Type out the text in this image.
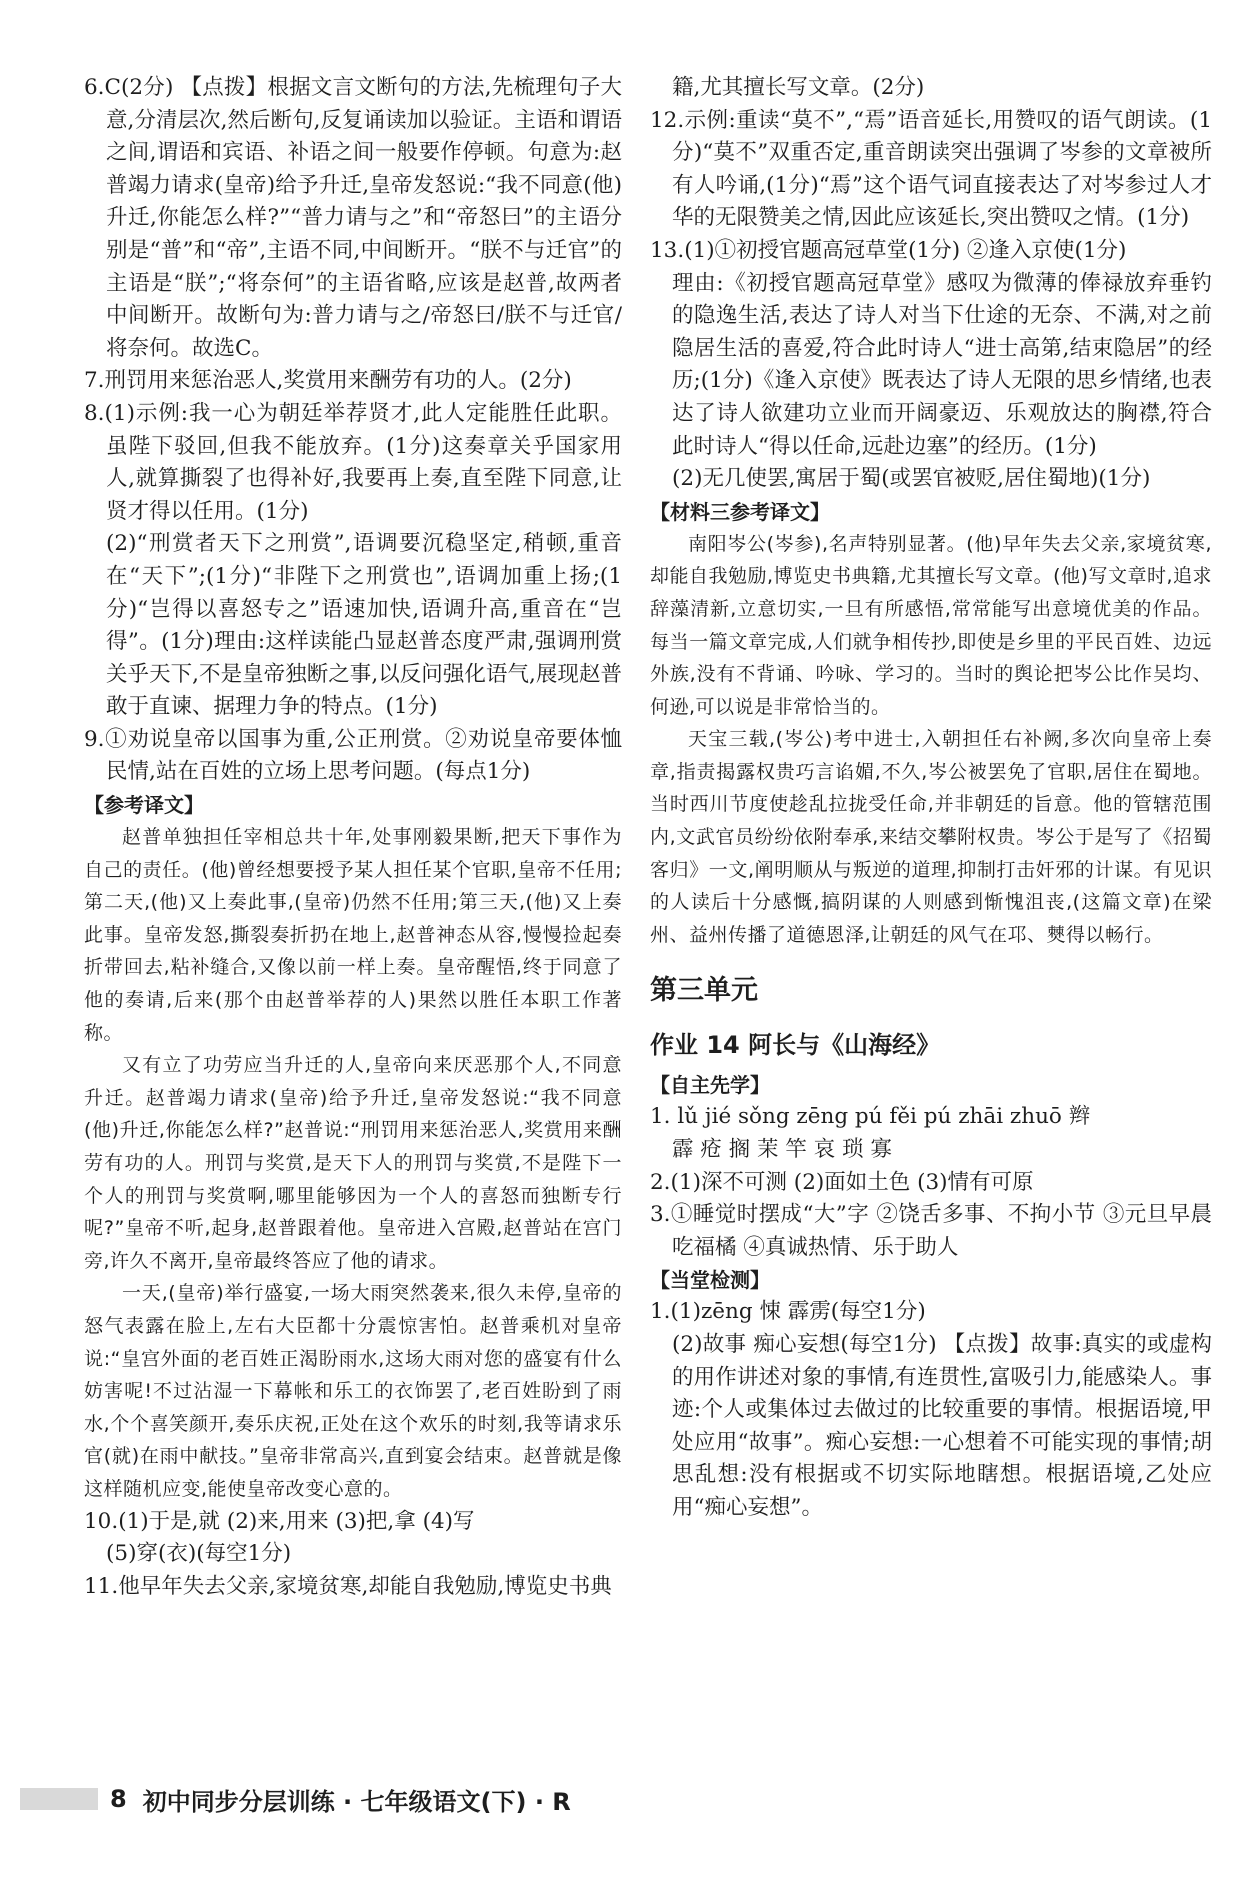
6.C(2分) 【点拨】根据文言文断句的方法,先梳理句子大意,分清层次,然后断句,反复诵读加以验证。主语和谓语之间,谓语和宾语、补语之间一般要作停顿。句意为:赵普竭力请求(皇帝)给予升迁,皇帝发怒说:“我不同意(他)升迁,你能怎么样?”“普力请与之”和“帝怒曰”的主语分别是“普”和“帝”,主语不同,中间断开。“朕不与迁官”的主语是“朕”;“将奈何”的主语省略,应该是赵普,故两者中间断开。故断句为:普力请与之/帝怒曰/朕不与迁官/将奈何。故选C。

7.刑罚用来惩治恶人,奖赏用来酬劳有功的人。(2分)

8.(1)示例:我一心为朝廷举荐贤才,此人定能胜任此职。虽陛下驳回,但我不能放弃。(1分)这奏章关乎国家用人,就算撕裂了也得补好,我要再上奏,直至陛下同意,让贤才得以任用。(1分)

(2)“刑赏者天下之刑赏”,语调要沉稳坚定,稍顿,重音在“天下”;(1分)“非陛下之刑赏也”,语调加重上扬;(1分)“岂得以喜怒专之”语速加快,语调升高,重音在“岂得”。(1分)理由:这样读能凸显赵普态度严肃,强调刑赏关乎天下,不是皇帝独断之事,以反问强化语气,展现赵普敢于直谏、据理力争的特点。(1分)

9.①劝说皇帝以国事为重,公正刑赏。②劝说皇帝要体恤民情,站在百姓的立场上思考问题。(每点1分)

【参考译文】

赵普单独担任宰相总共十年,处事刚毅果断,把天下事作为自己的责任。(他)曾经想要授予某人担任某个官职,皇帝不任用;第二天,(他)又上奏此事,(皇帝)仍然不任用;第三天,(他)又上奏此事。皇帝发怒,撕裂奏折扔在地上,赵普神态从容,慢慢捡起奏折带回去,粘补缝合,又像以前一样上奏。皇帝醒悟,终于同意了他的奏请,后来(那个由赵普举荐的人)果然以胜任本职工作著称。

又有立了功劳应当升迁的人,皇帝向来厌恶那个人,不同意升迁。赵普竭力请求(皇帝)给予升迁,皇帝发怒说:“我不同意(他)升迁,你能怎么样?”赵普说:“刑罚用来惩治恶人,奖赏用来酬劳有功的人。刑罚与奖赏,是天下人的刑罚与奖赏,不是陛下一个人的刑罚与奖赏啊,哪里能够因为一个人的喜怒而独断专行呢?”皇帝不听,起身,赵普跟着他。皇帝进入宫殿,赵普站在宫门旁,许久不离开,皇帝最终答应了他的请求。

一天,(皇帝)举行盛宴,一场大雨突然袭来,很久未停,皇帝的怒气表露在脸上,左右大臣都十分震惊害怕。赵普乘机对皇帝说:“皇宫外面的老百姓正渴盼雨水,这场大雨对您的盛宴有什么妨害呢!不过沾湿一下幕帐和乐工的衣饰罢了,老百姓盼到了雨水,个个喜笑颜开,奏乐庆祝,正处在这个欢乐的时刻,我等请求乐官(就)在雨中献技。”皇帝非常高兴,直到宴会结束。赵普就是像这样随机应变,能使皇帝改变心意的。

10.(1)于是,就 (2)来,用来 (3)把,拿 (4)写

(5)穿(衣)(每空1分)

11.他早年失去父亲,家境贫寒,却能自我勉励,博览史书典

籍,尤其擅长写文章。(2分)

12.示例:重读“莫不”,“焉”语音延长,用赞叹的语气朗读。(1分)“莫不”双重否定,重音朗读突出强调了岑参的文章被所有人吟诵,(1分)“焉”这个语气词直接表达了对岑参过人才华的无限赞美之情,因此应该延长,突出赞叹之情。(1分)

13.(1)①初授官题高冠草堂(1分) ②逢入京使(1分)

理由:《初授官题高冠草堂》感叹为微薄的俸禄放弃垂钓的隐逸生活,表达了诗人对当下仕途的无奈、不满,对之前隐居生活的喜爱,符合此时诗人“进士高第,结束隐居”的经历;(1分)《逢入京使》既表达了诗人无限的思乡情绪,也表达了诗人欲建功立业而开阔豪迈、乐观放达的胸襟,符合此时诗人“得以任命,远赴边塞”的经历。(1分)

(2)无几使罢,寓居于蜀(或罢官被贬,居住蜀地)(1分)

【材料三参考译文】

南阳岑公(岑参),名声特别显著。(他)早年失去父亲,家境贫寒,却能自我勉励,博览史书典籍,尤其擅长写文章。(他)写文章时,追求辞藻清新,立意切实,一旦有所感悟,常常能写出意境优美的作品。每当一篇文章完成,人们就争相传抄,即使是乡里的平民百姓、边远外族,没有不背诵、吟咏、学习的。当时的舆论把岑公比作吴均、何逊,可以说是非常恰当的。

天宝三载,(岑公)考中进士,入朝担任右补阙,多次向皇帝上奏章,指责揭露权贵巧言谄媚,不久,岑公被罢免了官职,居住在蜀地。当时西川节度使趁乱拉拢受任命,并非朝廷的旨意。他的管辖范围内,文武官员纷纷依附奉承,来结交攀附权贵。岑公于是写了《招蜀客归》一文,阐明顺从与叛逆的道理,抑制打击奸邪的计谋。有见识的人读后十分感慨,搞阴谋的人则感到惭愧沮丧,(这篇文章)在梁州、益州传播了道德恩泽,让朝廷的风气在邛、僰得以畅行。

第三单元

作业 14 阿长与《山海经》

【自主先学】

1. lǔ jié sǒng zēng pú fěi pú zhāi zhuō 辫

霹 疮 搁 茉 竿 哀 琐 寡

2.(1)深不可测 (2)面如土色 (3)情有可原

3.①睡觉时摆成“大”字 ②饶舌多事、不拘小节 ③元旦早晨吃福橘 ④真诚热情、乐于助人

【当堂检测】

1.(1)zēng 悚 霹雳(每空1分)

(2)故事 痴心妄想(每空1分) 【点拨】故事:真实的或虚构的用作讲述对象的事情,有连贯性,富吸引力,能感染人。事迹:个人或集体过去做过的比较重要的事情。根据语境,甲处应用“故事”。痴心妄想:一心想着不可能实现的事情;胡思乱想:没有根据或不切实际地瞎想。根据语境,乙处应用“痴心妄想”。

8 初中同步分层训练 · 七年级语文(下) · R
